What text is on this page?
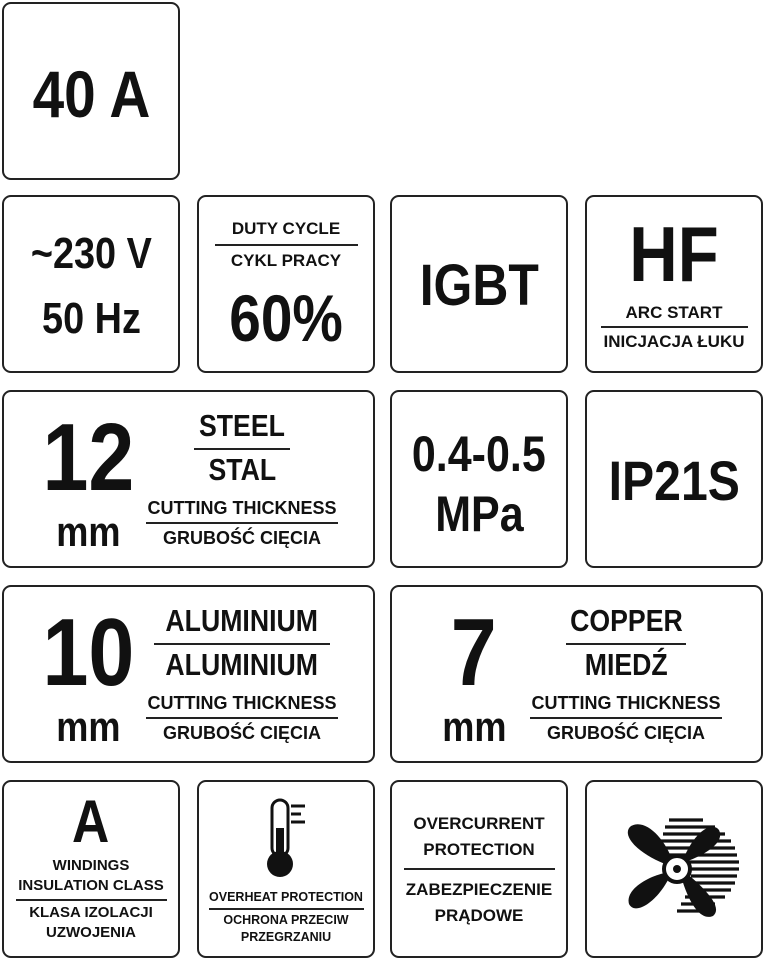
40 A
~230 V
50 Hz
DUTY CYCLE
CYKL PRACY
60%	IGBT	HF
ARC START
INICJACJA ŁUKU
12
mm
STEEL
STAL
CUTTING THICKNESS
GRUBOŚĆ CIĘCIA
0.4-0.5
MPa
IP21S
10
mm
ALUMINIUM
ALUMINIUM
CUTTING THICKNESS
GRUBOŚĆ CIĘCIA
7
mm
COPPER
MIEDŹ
CUTTING THICKNESS
GRUBOŚĆ CIĘCIA
A
WINDINGS
INSULATION CLASS
KLASA IZOLACJI
UZWOJENIA
OVERHEAT PROTECTION
OCHRONA PRZECIW
PRZEGRZANIU
OVERCURRENT
PROTECTION
ZABEZPIECZENIE
PRĄDOWE
